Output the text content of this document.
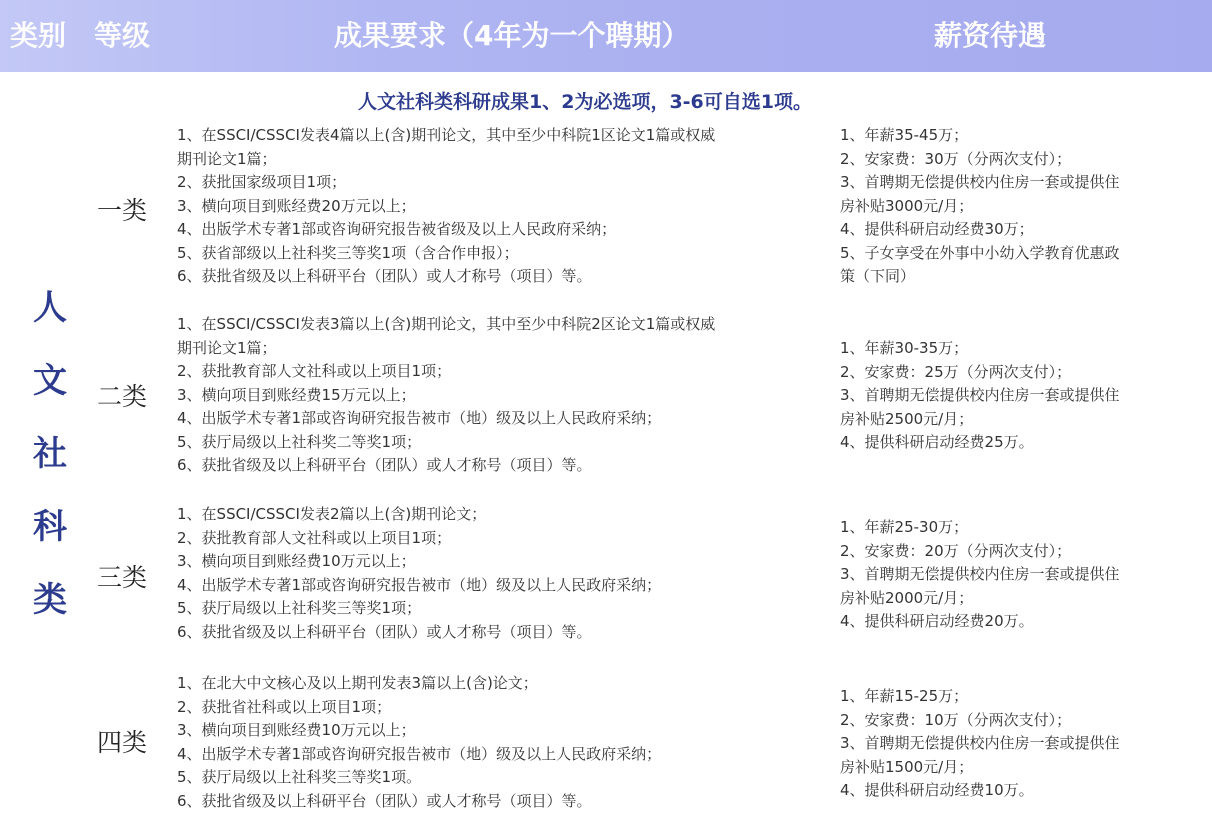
类别 等级	成果要求（4年为一个聘期）	薪资待遇
人文社科类科研成果1、2为必选项，3-6可自选1项。
人
文
社
科
类
一类
1、在SSCI/CSSCI发表4篇以上(含)期刊论文，其中至少中科院1区论文1篇或权威
期刊论文1篇；
2、获批国家级项目1项；
3、横向项目到账经费20万元以上；
4、出版学术专著1部或咨询研究报告被省级及以上人民政府采纳；
5、获省部级以上社科奖三等奖1项（含合作申报）；
6、获批省级及以上科研平台（团队）或人才称号（项目）等。
1、年薪35-45万；
2、安家费：30万（分两次支付）；
3、首聘期无偿提供校内住房一套或提供住
房补贴3000元/月；
4、提供科研启动经费30万；
5、子女享受在外事中小幼入学教育优惠政
策（下同）
二类
1、在SSCI/CSSCI发表3篇以上(含)期刊论文，其中至少中科院2区论文1篇或权威
期刊论文1篇；
2、获批教育部人文社科或以上项目1项；
3、横向项目到账经费15万元以上；
4、出版学术专著1部或咨询研究报告被市（地）级及以上人民政府采纳；
5、获厅局级以上社科奖二等奖1项；
6、获批省级及以上科研平台（团队）或人才称号（项目）等。
1、年薪30-35万；
2、安家费：25万（分两次支付）；
3、首聘期无偿提供校内住房一套或提供住
房补贴2500元/月；
4、提供科研启动经费25万。
三类
1、在SSCI/CSSCI发表2篇以上(含)期刊论文；
2、获批教育部人文社科或以上项目1项；
3、横向项目到账经费10万元以上；
4、出版学术专著1部或咨询研究报告被市（地）级及以上人民政府采纳；
5、获厅局级以上社科奖三等奖1项；
6、获批省级及以上科研平台（团队）或人才称号（项目）等。
1、年薪25-30万；
2、安家费：20万（分两次支付）；
3、首聘期无偿提供校内住房一套或提供住
房补贴2000元/月；
4、提供科研启动经费20万。
四类
1、在北大中文核心及以上期刊发表3篇以上(含)论文；
2、获批省社科或以上项目1项；
3、横向项目到账经费10万元以上；
4、出版学术专著1部或咨询研究报告被市（地）级及以上人民政府采纳；
5、获厅局级以上社科奖三等奖1项。
6、获批省级及以上科研平台（团队）或人才称号（项目）等。
1、年薪15-25万；
2、安家费：10万（分两次支付）；
3、首聘期无偿提供校内住房一套或提供住
房补贴1500元/月；
4、提供科研启动经费10万。
